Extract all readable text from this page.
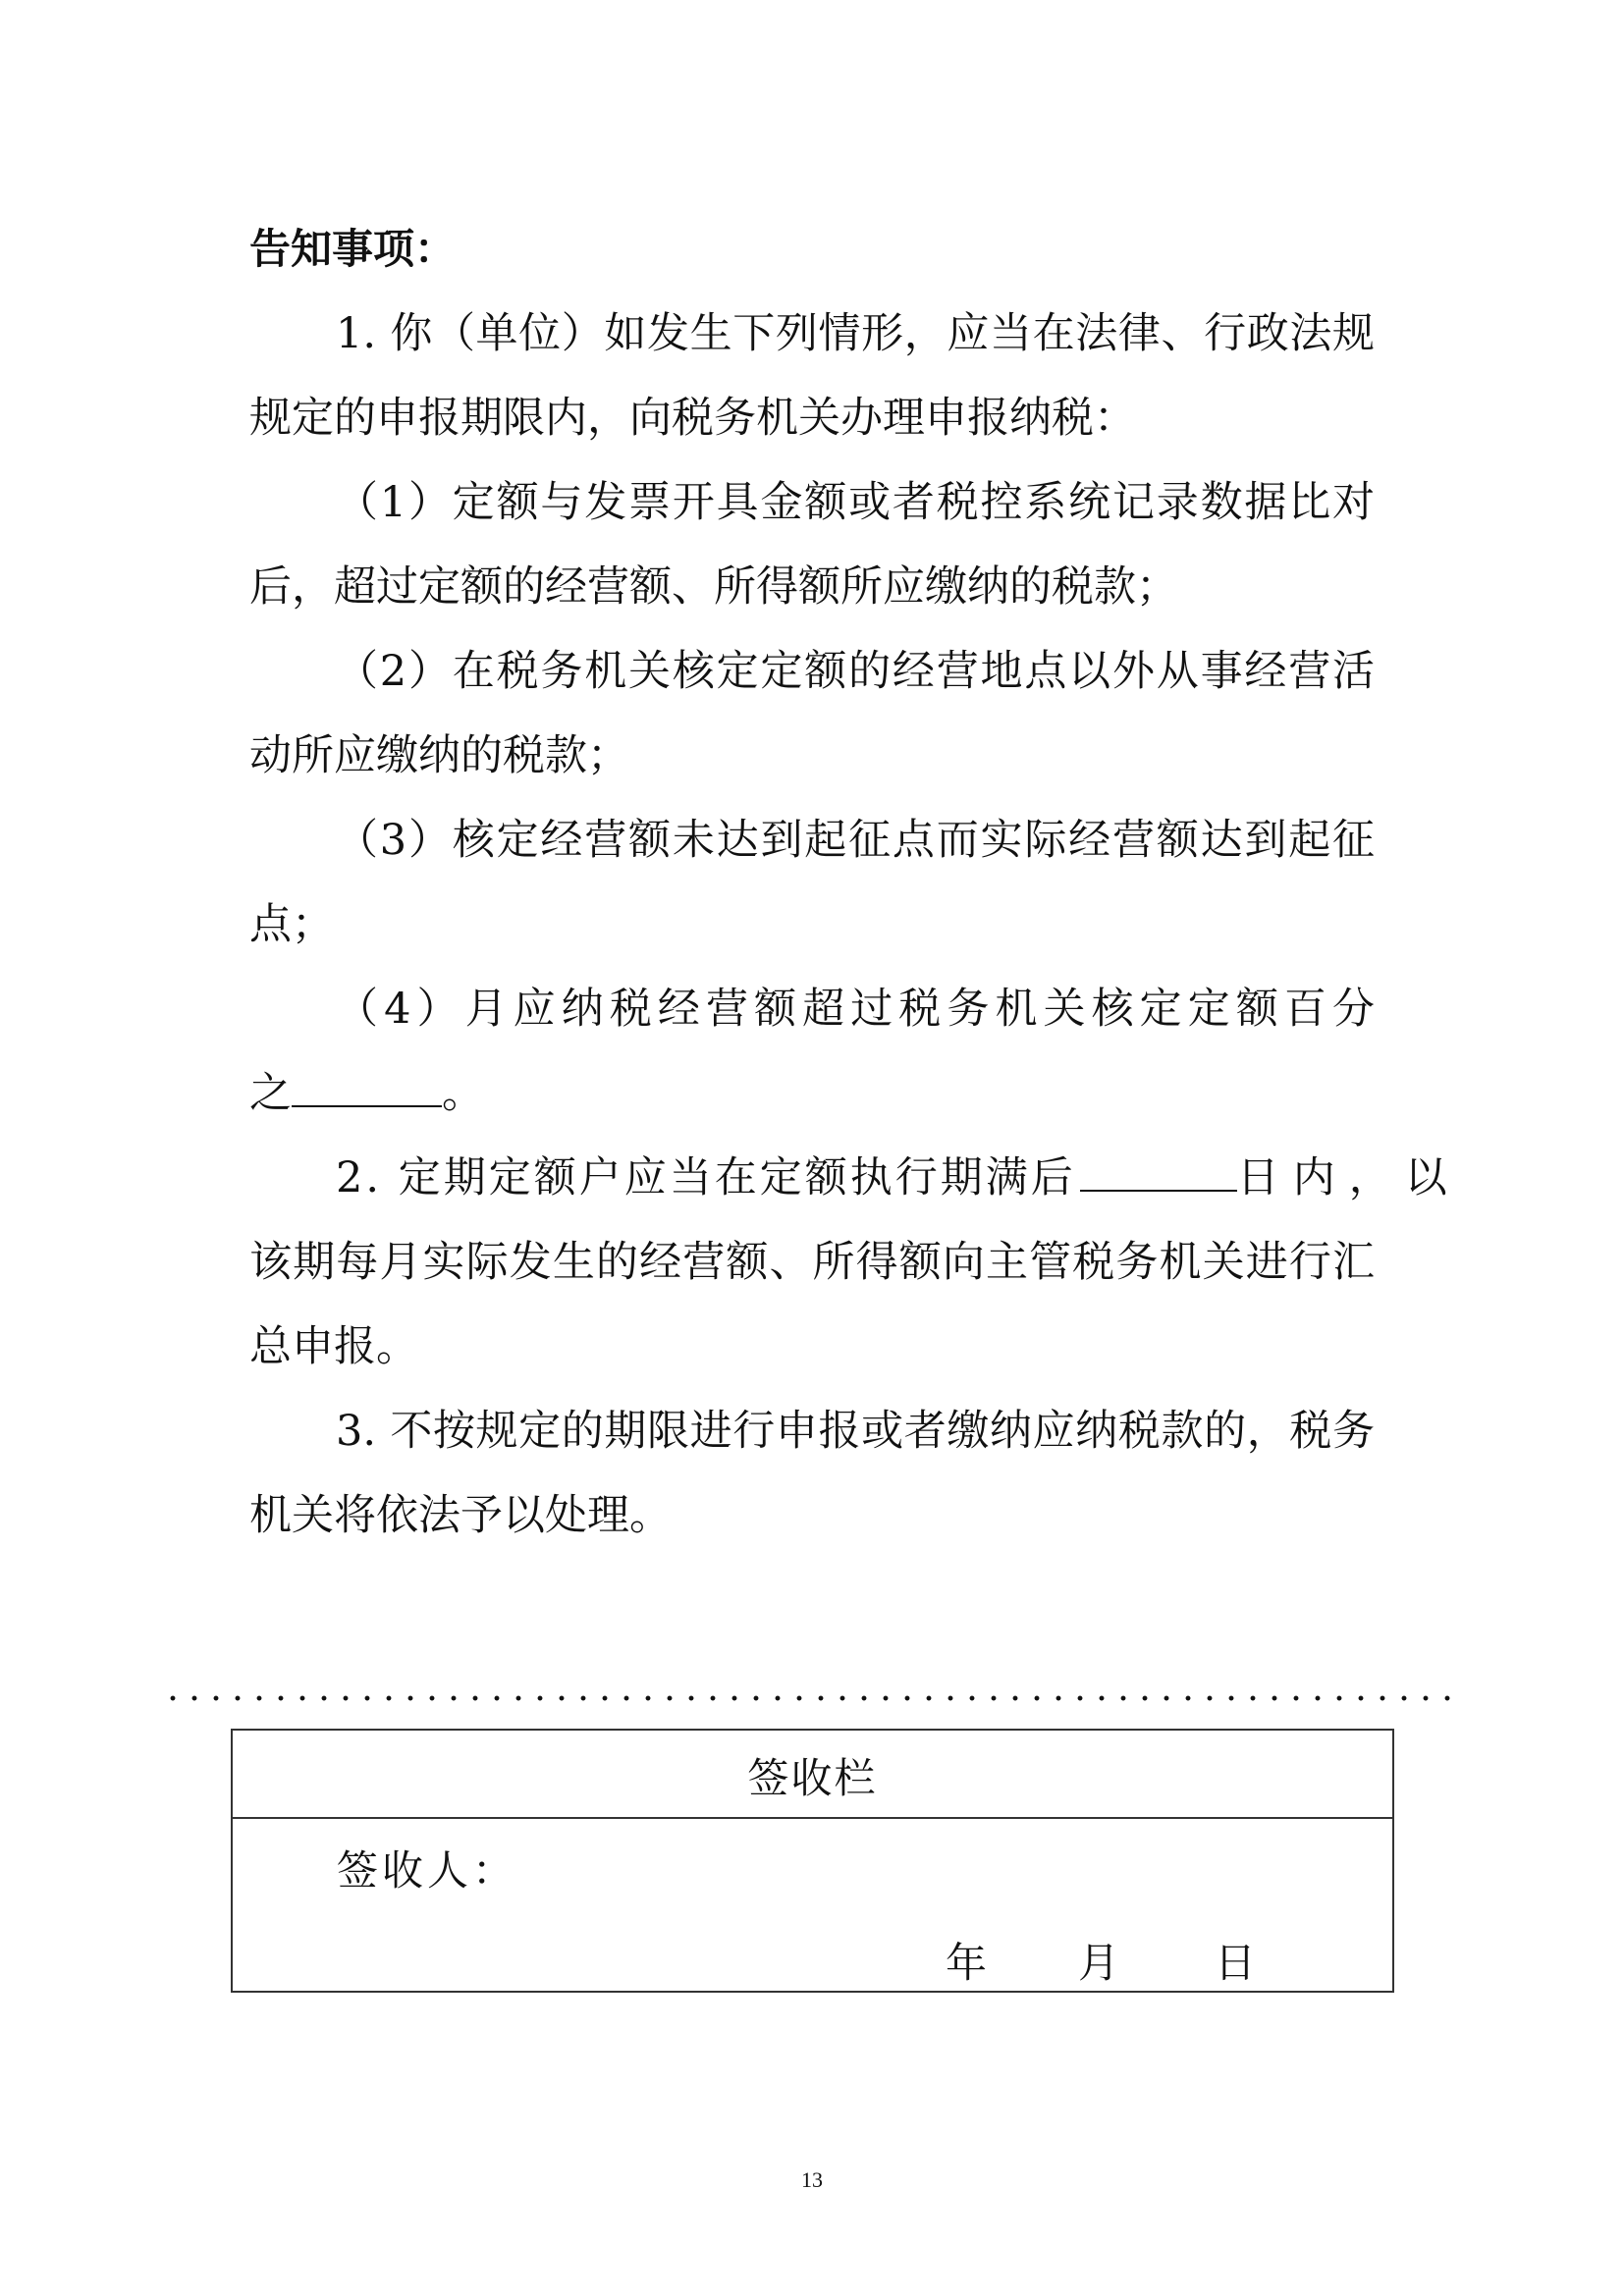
告知事项：
1. 你（单位）如发生下列情形，应当在法律、行政法规
规定的申报期限内，向税务机关办理申报纳税：
（1）定额与发票开具金额或者税控系统记录数据比对
后，超过定额的经营额、所得额所应缴纳的税款；
（2）在税务机关核定定额的经营地点以外从事经营活
动所应缴纳的税款；
（3）核定经营额未达到起征点而实际经营额达到起征
点；
（4）月应纳税经营额超过税务机关核定定额百分
之	。
2. 定期定额户应当在定额执行期满后	日内，以
该期每月实际发生的经营额、所得额向主管税务机关进行汇
总申报。
3. 不按规定的期限进行申报或者缴纳应纳税款的，税务
机关将依法予以处理。
签收栏
签收人：
年 月 日
13
